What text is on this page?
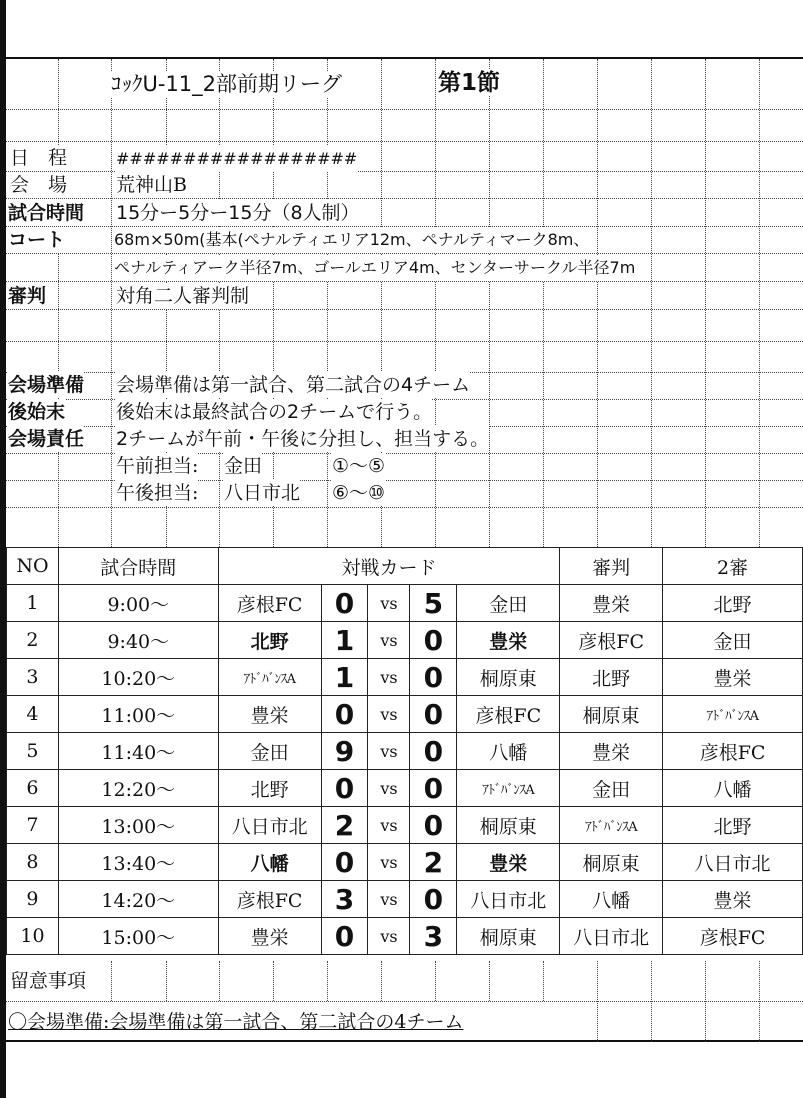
ｺｯｸU-11_2部前期リーグ	第1節
日　程	##################
会　場	荒神山B
試合時間 15分ー5分ー15分（8人制）
コート	68m×50m(基本(ペナルティエリア12m、ペナルティマーク8m、
ペナルティアーク半径7m、ゴールエリア4m、センターサークル半径7m
審判	対角二人審判制
会場準備 会場準備は第一試合、第二試合の4チーム
後始末	後始末は最終試合の2チームで行う。
会場責任 2チームが午前・午後に分担し、担当する。
午前担当: 金田	①～⑤
午後担当: 八日市北 ⑥～⑩
NO	試合時間	対戦カード					審判	2審
1	9:00～	彦根FC	0	vs	5	金田	豊栄	北野
2	9:40～	北野	1	vs	0	豊栄	彦根FC	金田
3	10:20～	ｱﾄﾞﾊﾞﾝｽA	1	vs	0	桐原東	北野	豊栄
4	11:00～	豊栄	0	vs	0	彦根FC	桐原東	ｱﾄﾞﾊﾞﾝｽA
5	11:40～	金田	9	vs	0	八幡	豊栄	彦根FC
6	12:20～	北野	0	vs	0	ｱﾄﾞﾊﾞﾝｽA	金田	八幡
7	13:00～	八日市北	2	vs	0	桐原東	ｱﾄﾞﾊﾞﾝｽA	北野
8	13:40～	八幡	0	vs	2	豊栄	桐原東	八日市北
9	14:20～	彦根FC	3	vs	0	八日市北	八幡	豊栄
10	15:00～	豊栄	0	vs	3	桐原東	八日市北	彦根FC
留意事項
〇会場準備:会場準備は第一試合、第二試合の4チーム
